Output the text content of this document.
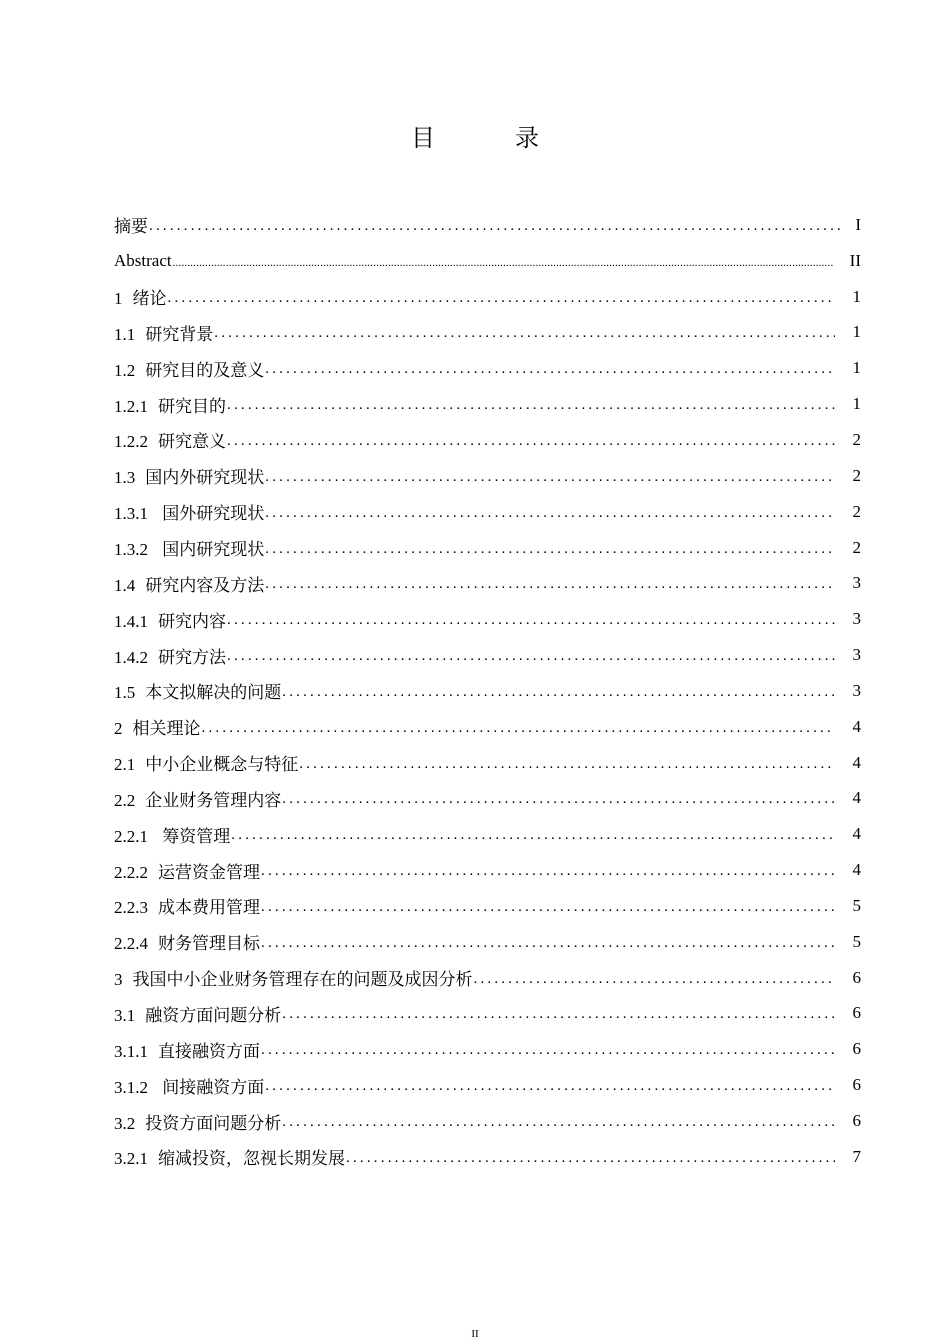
目　录
摘要 .....	I
Abstract .....	II
1 绪论 .....	1
1.1 研究背景 .....	1
1.2 研究目的及意义 .....	1
1.2.1 研究目的 .....	1
1.2.2 研究意义 .....	2
1.3 国内外研究现状 .....	2
1.3.1 国外研究现状 .....	2
1.3.2 国内研究现状 .....	2
1.4 研究内容及方法 .....	3
1.4.1 研究内容 .....	3
1.4.2 研究方法 .....	3
1.5 本文拟解决的问题 .....	3
2 相关理论 .....	4
2.1 中小企业概念与特征 .....	4
2.2 企业财务管理内容 .....	4
2.2.1 筹资管理 .....	4
2.2.2 运营资金管理 .....	4
2.2.3 成本费用管理 .....	5
2.2.4 财务管理目标 .....	5
3 我国中小企业财务管理存在的问题及成因分析 .....	6
3.1 融资方面问题分析 .....	6
3.1.1 直接融资方面 .....	6
3.1.2 间接融资方面 .....	6
3.2 投资方面问题分析 .....	6
3.2.1 缩减投资，忽视长期发展 .....	7
II
